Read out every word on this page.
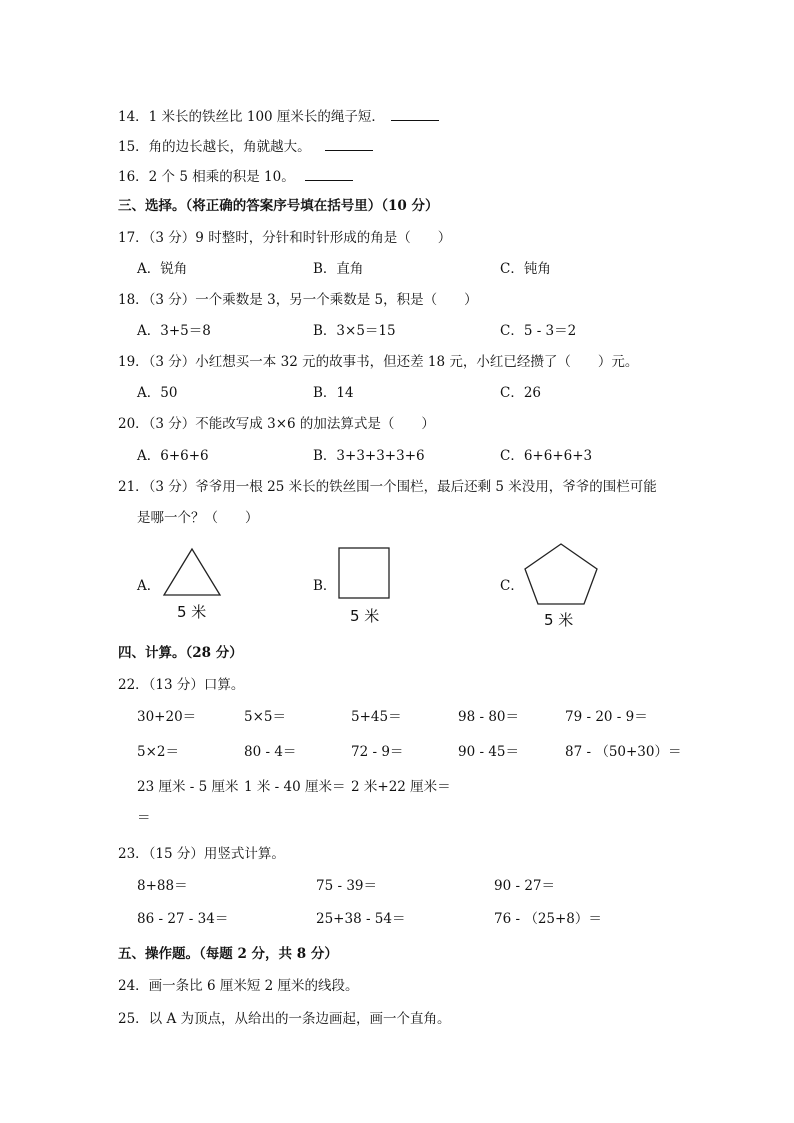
14．1 米长的铁丝比 100 厘米长的绳子短．
15．角的边长越长，角就越大。
16．2 个 5 相乘的积是 10。
三、选择。（将正确的答案序号填在括号里）（10 分）
17．（3 分）9 时整时，分针和时针形成的角是（　　）
A．锐角	B．直角	C．钝角
18．（3 分）一个乘数是 3，另一个乘数是 5，积是（　　）
A．3+5＝8	B．3×5＝15	C．5 - 3＝2
19．（3 分）小红想买一本 32 元的故事书，但还差 18 元，小红已经攒了（　　）元。
A．50	B．14	C．26
20．（3 分）不能改写成 3×6 的加法算式是（　　）
A．6+6+6	B．3+3+3+3+6	C．6+6+6+3
21．（3 分）爷爷用一根 25 米长的铁丝围一个围栏，最后还剩 5 米没用，爷爷的围栏可能
是哪一个？（　　）
A．
5 米
B．
5 米
C．
5 米
四、计算。（28 分）
22．（13 分）口算。
30+20＝	5×5＝	5+45＝	98 - 80＝	79 - 20 - 9＝
5×2＝	80 - 4＝	72 - 9＝	90 - 45＝	87 - （50+30）＝
23 厘米 - 5 厘米 1 米 - 40 厘米＝ 2 米+22 厘米＝
＝
23．（15 分）用竖式计算。
8+88＝	75 - 39＝	90 - 27＝
86 - 27 - 34＝	25+38 - 54＝	76 - （25+8）＝
五、操作题。（每题 2 分，共 8 分）
24．画一条比 6 厘米短 2 厘米的线段。
25．以 A 为顶点，从给出的一条边画起，画一个直角。
